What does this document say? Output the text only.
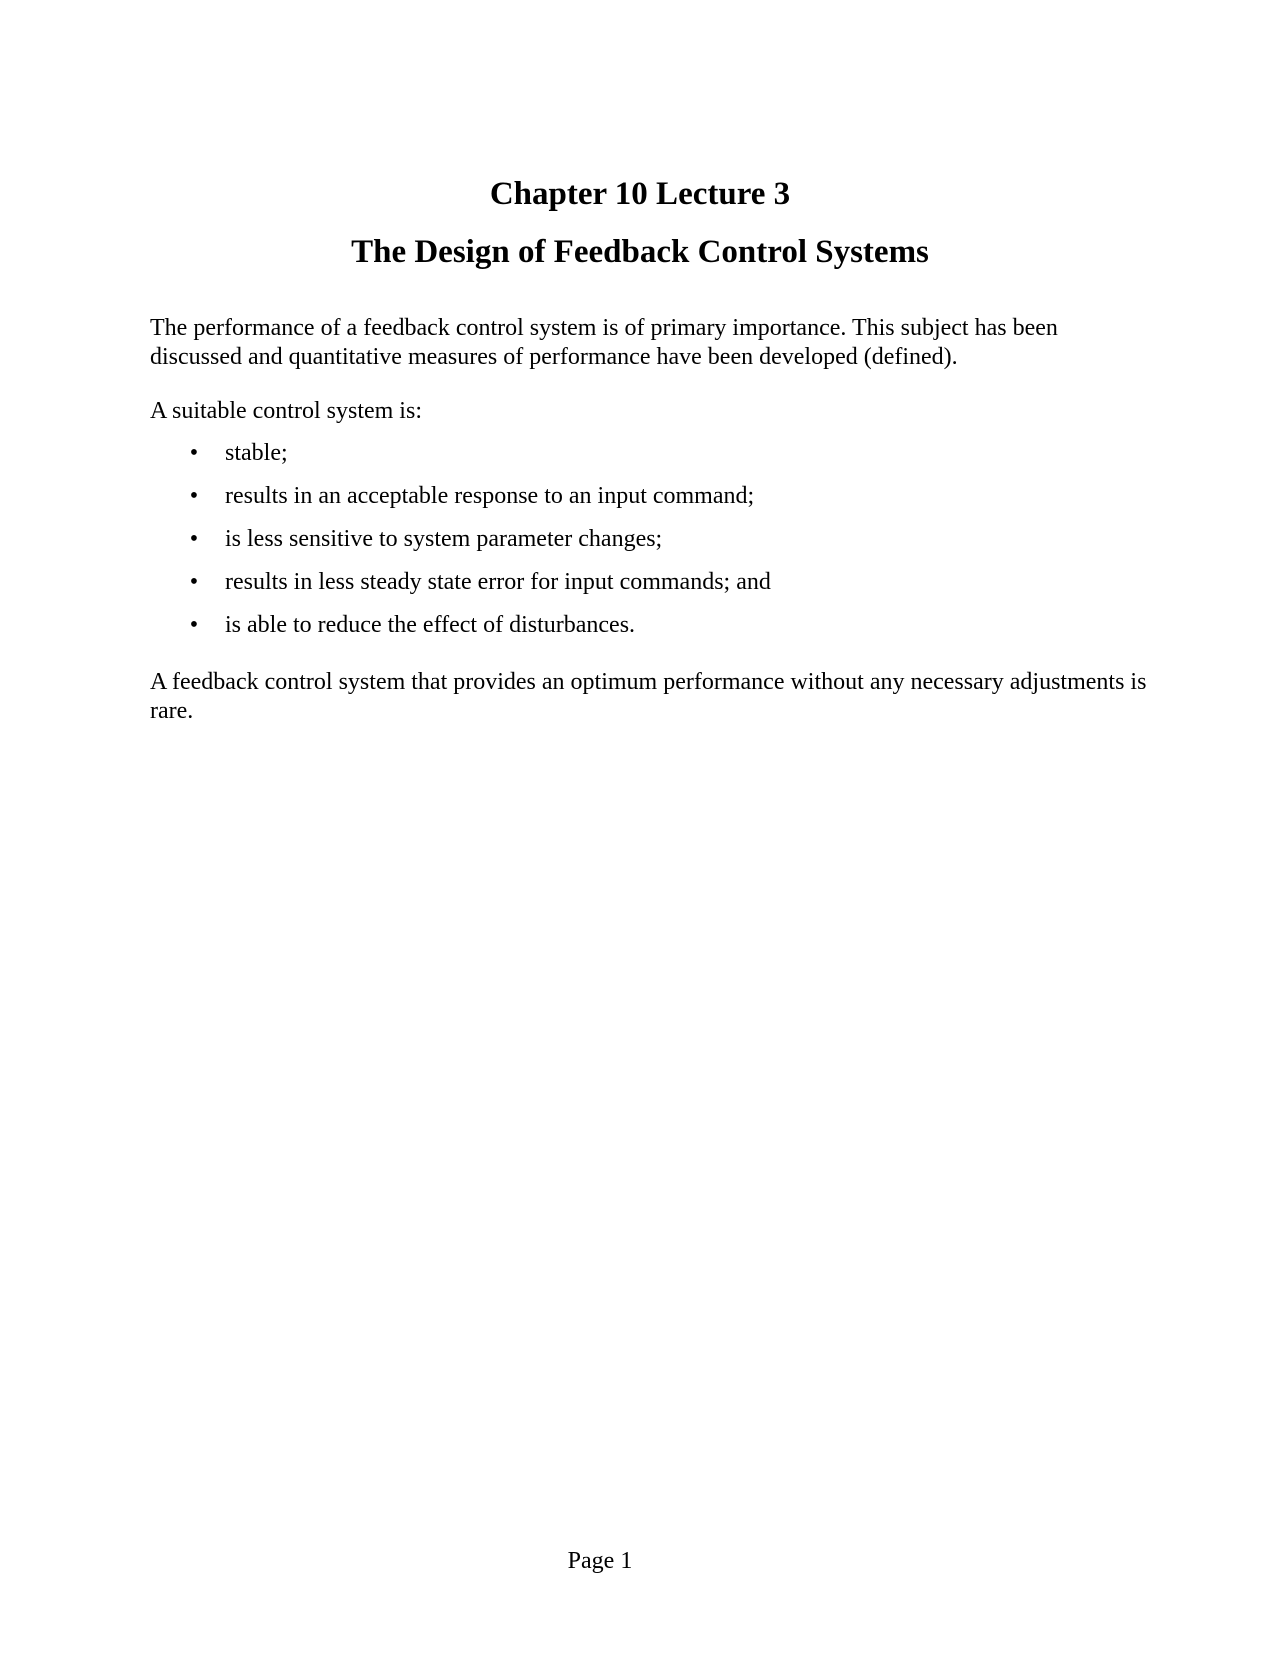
Chapter 10 Lecture 3
The Design of Feedback Control Systems

The performance of a feedback control system is of primary importance. This subject has been discussed and quantitative measures of performance have been developed (defined).

A suitable control system is:

• stable;
• results in an acceptable response to an input command;
• is less sensitive to system parameter changes;
• results in less steady state error for input commands; and
• is able to reduce the effect of disturbances.

A feedback control system that provides an optimum performance without any necessary adjustments is rare.

Page 1
